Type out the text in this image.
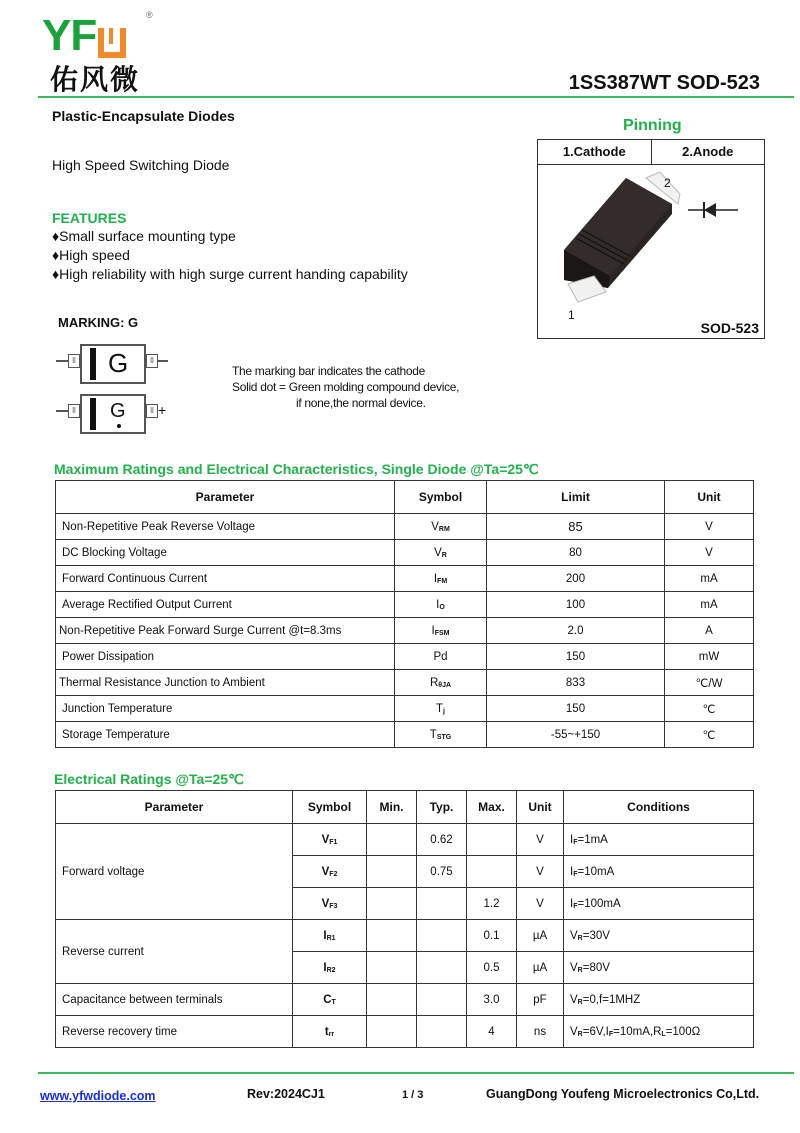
YF	®
佑风微	1SS387WT SOD-523
Plastic-Encapsulate Diodes
High Speed Switching Diode
FEATURES
♦Small surface mounting type
♦High speed
♦High reliability with high surge current handing capability
Pinning
1.Cathode	2.Anode
2
1
SOD-523
MARKING: G
ll G	ll
ll G	ll +
The marking bar indicates the cathode
Solid dot = Green molding compound device,
if none,the normal device.
Maximum Ratings and Electrical Characteristics, Single Diode @Ta=25℃
Parameter	Symbol	Limit	Unit
Non-Repetitive Peak Reverse Voltage	$V_{RM}$	85	V
DC Blocking Voltage	$V_R$	80	V
Forward Continuous Current	$I_{FM}$	200	mA
Average Rectified Output Current	$I_O$	100	mA
Non-Repetitive Peak Forward Surge Current @t=8.3ms	$I_{FSM}$	2.0	A
Power Dissipation	Pd	150	mW
Thermal Resistance Junction to Ambient	$R_{\theta JA}$	833	℃/W
Junction Temperature	$T_j$	150	℃
Storage Temperature	$T_{STG}$	-55~+150	℃
Electrical Ratings @Ta=25℃
Parameter	Symbol	Min.	Typ.	Max.	Unit	Conditions
Forward voltage	$V_{F1}$		0.62		V	$I_F=1mA$
	$V_{F2}$		0.75		V	$I_F=10mA$
	$V_{F3}$			1.2	V	$I_F=100mA$
Reverse current	$I_{R1}$			0.1	µA	$V_R=30V$
	$I_{R2}$			0.5	µA	$V_R=80V$
Capacitance between terminals	$C_T$			3.0	pF	$V_R=0,f=1MHZ$
Reverse recovery time	$t_{rr}$			4	ns	$V_R=6V,I_F=10mA,R_L=100\Omega$
www.yfwdiode.com	Rev:2024CJ1	1 / 3	GuangDong Youfeng Microelectronics Co,Ltd.
